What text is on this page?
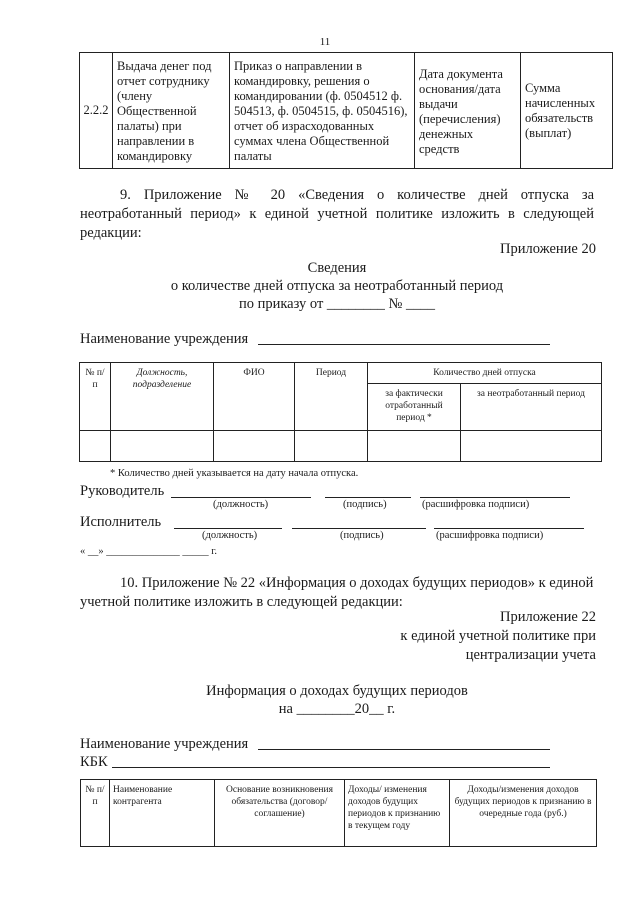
11
2.2.2	Выдача денег под отчет сотруднику (члену Общественной палаты) при направлении в командировку	Приказ о направлении в командировку, решения о командировании (ф. 0504512 ф. 504513, ф. 0504515, ф. 0504516), отчет об израсходованных суммах члена Общественной палаты	Дата документа основания/дата выдачи (перечисления) денежных средств	Сумма начисленных обязательств (выплат)
9. Приложение № 20 «Сведения о количестве дней отпуска за неотработанный период» к единой учетной политике изложить в следующей редакции:
Приложение 20
Сведения
о количестве дней отпуска за неотработанный период
по приказу от ________ № ____
Наименование учреждения
№ п/п	Должность, подразделение	ФИО	Период	Количество дней отпуска	
				за фактически отработанный период *	за неотработанный период

* Количество дней указывается на дату начала отпуска.
Руководитель
(должность)	(подпись)	(расшифровка подписи)
Исполнитель
(должность)	(подпись)	(расшифровка подписи)
« __» ______________ _____ г.
10. Приложение № 22 «Информация о доходах будущих периодов» к единой учетной политике изложить в следующей редакции:
Приложение 22
к единой учетной политике при
централизации учета
Информация о доходах будущих периодов
на ________20__ г.
Наименование учреждения
КБК
№ п/п	Наименование контрагента	Основание возникновения обязательства (договор/соглашение)	Доходы/ изменения доходов будущих периодов к признанию в текущем году	Доходы/изменения доходов будущих периодов к признанию в очередные года (руб.)
